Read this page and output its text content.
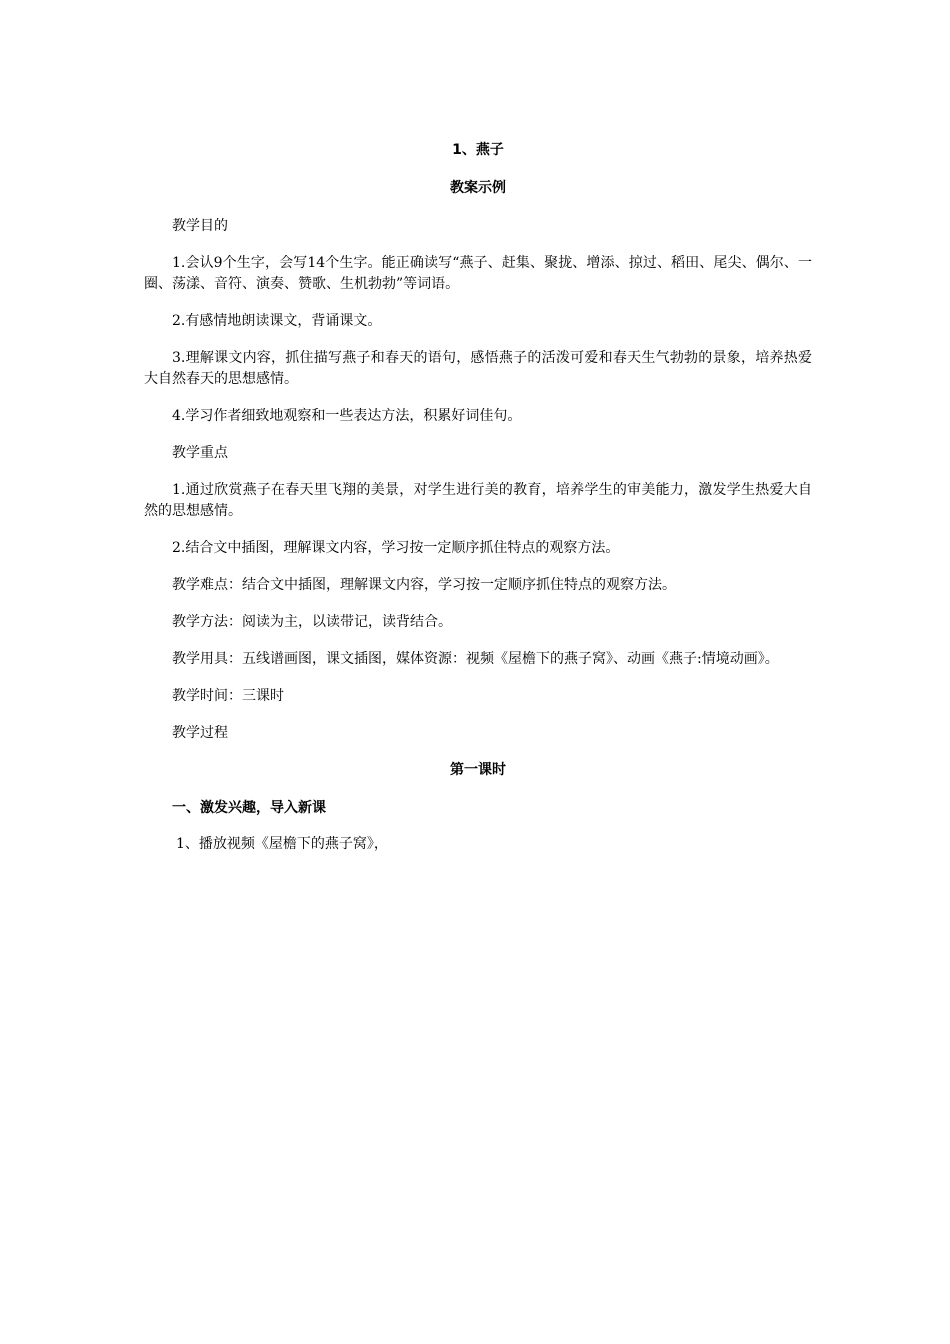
1、燕子
教案示例

教学目的

1.会认9个生字，会写14个生字。能正确读写“燕子、赶集、聚拢、增添、掠过、稻田、尾尖、偶尔、一圈、荡漾、音符、演奏、赞歌、生机勃勃”等词语。

2.有感情地朗读课文，背诵课文。

3.理解课文内容，抓住描写燕子和春天的语句，感悟燕子的活泼可爱和春天生气勃勃的景象，培养热爱大自然春天的思想感情。

4.学习作者细致地观察和一些表达方法，积累好词佳句。

教学重点

1.通过欣赏燕子在春天里飞翔的美景，对学生进行美的教育，培养学生的审美能力，激发学生热爱大自然的思想感情。

2.结合文中插图，理解课文内容，学习按一定顺序抓住特点的观察方法。

教学难点：结合文中插图，理解课文内容，学习按一定顺序抓住特点的观察方法。

教学方法：阅读为主，以读带记，读背结合。

教学用具：五线谱画图，课文插图，媒体资源：视频《屋檐下的燕子窝》、动画《燕子:情境动画》。

教学时间：三课时

教学过程

第一课时
一、激发兴趣，导入新课

1、播放视频《屋檐下的燕子窝》，
